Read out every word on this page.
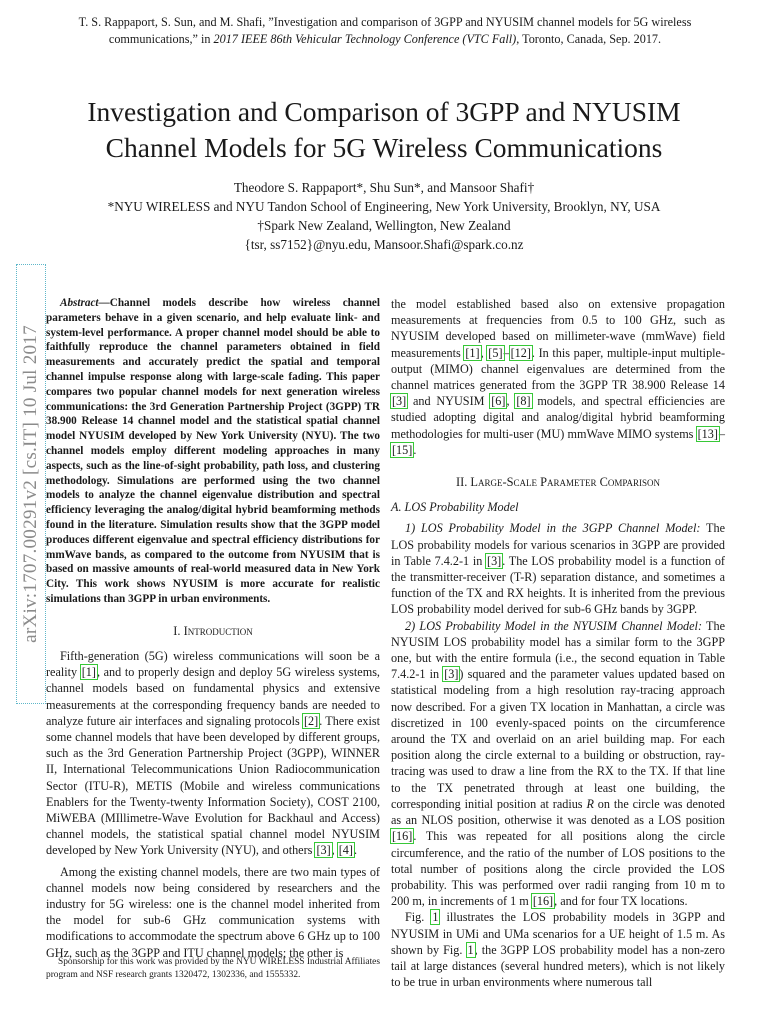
T. S. Rappaport, S. Sun, and M. Shafi, ”Investigation and comparison of 3GPP and NYUSIM channel models for 5G wireless
communications,” in 2017 IEEE 86th Vehicular Technology Conference (VTC Fall), Toronto, Canada, Sep. 2017.
Investigation and Comparison of 3GPP and NYUSIM
Channel Models for 5G Wireless Communications
Theodore S. Rappaport*, Shu Sun*, and Mansoor Shafi†
*NYU WIRELESS and NYU Tandon School of Engineering, New York University, Brooklyn, NY, USA
†Spark New Zealand, Wellington, New Zealand
{tsr, ss7152}@nyu.edu, Mansoor.Shafi@spark.co.nz
arXiv:1707.00291v2 [cs.IT] 10 Jul 2017

Abstract—Channel models describe how wireless channel parameters behave in a given scenario, and help evaluate link- and system-level performance. A proper channel model should be able to faithfully reproduce the channel parameters obtained in field measurements and accurately predict the spatial and temporal channel impulse response along with large-scale fading. This paper compares two popular channel models for next generation wireless communications: the 3rd Generation Partnership Project (3GPP) TR 38.900 Release 14 channel model and the statistical spatial channel model NYUSIM developed by New York University (NYU). The two channel models employ different modeling approaches in many aspects, such as the line-of-sight probability, path loss, and clustering methodology. Simulations are performed using the two channel models to analyze the channel eigenvalue distribution and spectral efficiency leveraging the analog/digital hybrid beamforming methods found in the literature. Simulation results show that the 3GPP model produces different eigenvalue and spectral efficiency distributions for mmWave bands, as compared to the outcome from NYUSIM that is based on massive amounts of real-world measured data in New York City. This work shows NYUSIM is more accurate for realistic simulations than 3GPP in urban environments.

I. Introduction

Fifth-generation (5G) wireless communications will soon be a reality [1], and to properly design and deploy 5G wireless systems, channel models based on fundamental physics and extensive measurements at the corresponding frequency bands are needed to analyze future air interfaces and signaling protocols [2]. There exist some channel models that have been developed by different groups, such as the 3rd Generation Partnership Project (3GPP), WINNER II, International Telecommunications Union Radiocommunication Sector (ITU-R), METIS (Mobile and wireless communications Enablers for the Twenty-twenty Information Society), COST 2100, MiWEBA (MIllimetre-Wave Evolution for Backhaul and Access) channel models, the statistical spatial channel model NYUSIM developed by New York University (NYU), and others [3], [4].

Among the existing channel models, there are two main types of channel models now being considered by researchers and the industry for 5G wireless: one is the channel model inherited from the model for sub-6 GHz communication systems with modifications to accommodate the spectrum above 6 GHz up to 100 GHz, such as the 3GPP and ITU channel models; the other is

Sponsorship for this work was provided by the NYU WIRELESS Industrial Affiliates program and NSF research grants 1320472, 1302336, and 1555332.

the model established based also on extensive propagation measurements at frequencies from 0.5 to 100 GHz, such as NYUSIM developed based on millimeter-wave (mmWave) field measurements [1], [5]–[12]. In this paper, multiple-input multiple-output (MIMO) channel eigenvalues are determined from the channel matrices generated from the 3GPP TR 38.900 Release 14 [3] and NYUSIM [6], [8] models, and spectral efficiencies are studied adopting digital and analog/digital hybrid beamforming methodologies for multi-user (MU) mmWave MIMO systems [13]–[15].

II. Large-Scale Parameter Comparison
A. LOS Probability Model

1) LOS Probability Model in the 3GPP Channel Model: The LOS probability models for various scenarios in 3GPP are provided in Table 7.4.2-1 in [3]. The LOS probability model is a function of the transmitter-receiver (T-R) separation distance, and sometimes a function of the TX and RX heights. It is inherited from the previous LOS probability model derived for sub-6 GHz bands by 3GPP.

2) LOS Probability Model in the NYUSIM Channel Model: The NYUSIM LOS probability model has a similar form to the 3GPP one, but with the entire formula (i.e., the second equation in Table 7.4.2-1 in [3]) squared and the parameter values updated based on statistical modeling from a high resolution ray-tracing approach now described. For a given TX location in Manhattan, a circle was discretized in 100 evenly-spaced points on the circumference around the TX and overlaid on an ariel building map. For each position along the circle external to a building or obstruction, ray-tracing was used to draw a line from the RX to the TX. If that line to the TX penetrated through at least one building, the corresponding initial position at radius R on the circle was denoted as an NLOS position, otherwise it was denoted as a LOS position [16]. This was repeated for all positions along the circle circumference, and the ratio of the number of LOS positions to the total number of positions along the circle provided the LOS probability. This was performed over radii ranging from 10 m to 200 m, in increments of 1 m [16], and for four TX locations.

Fig. 1 illustrates the LOS probability models in 3GPP and NYUSIM in UMi and UMa scenarios for a UE height of 1.5 m. As shown by Fig. 1, the 3GPP LOS probability model has a non-zero tail at large distances (several hundred meters), which is not likely to be true in urban environments where numerous tall
